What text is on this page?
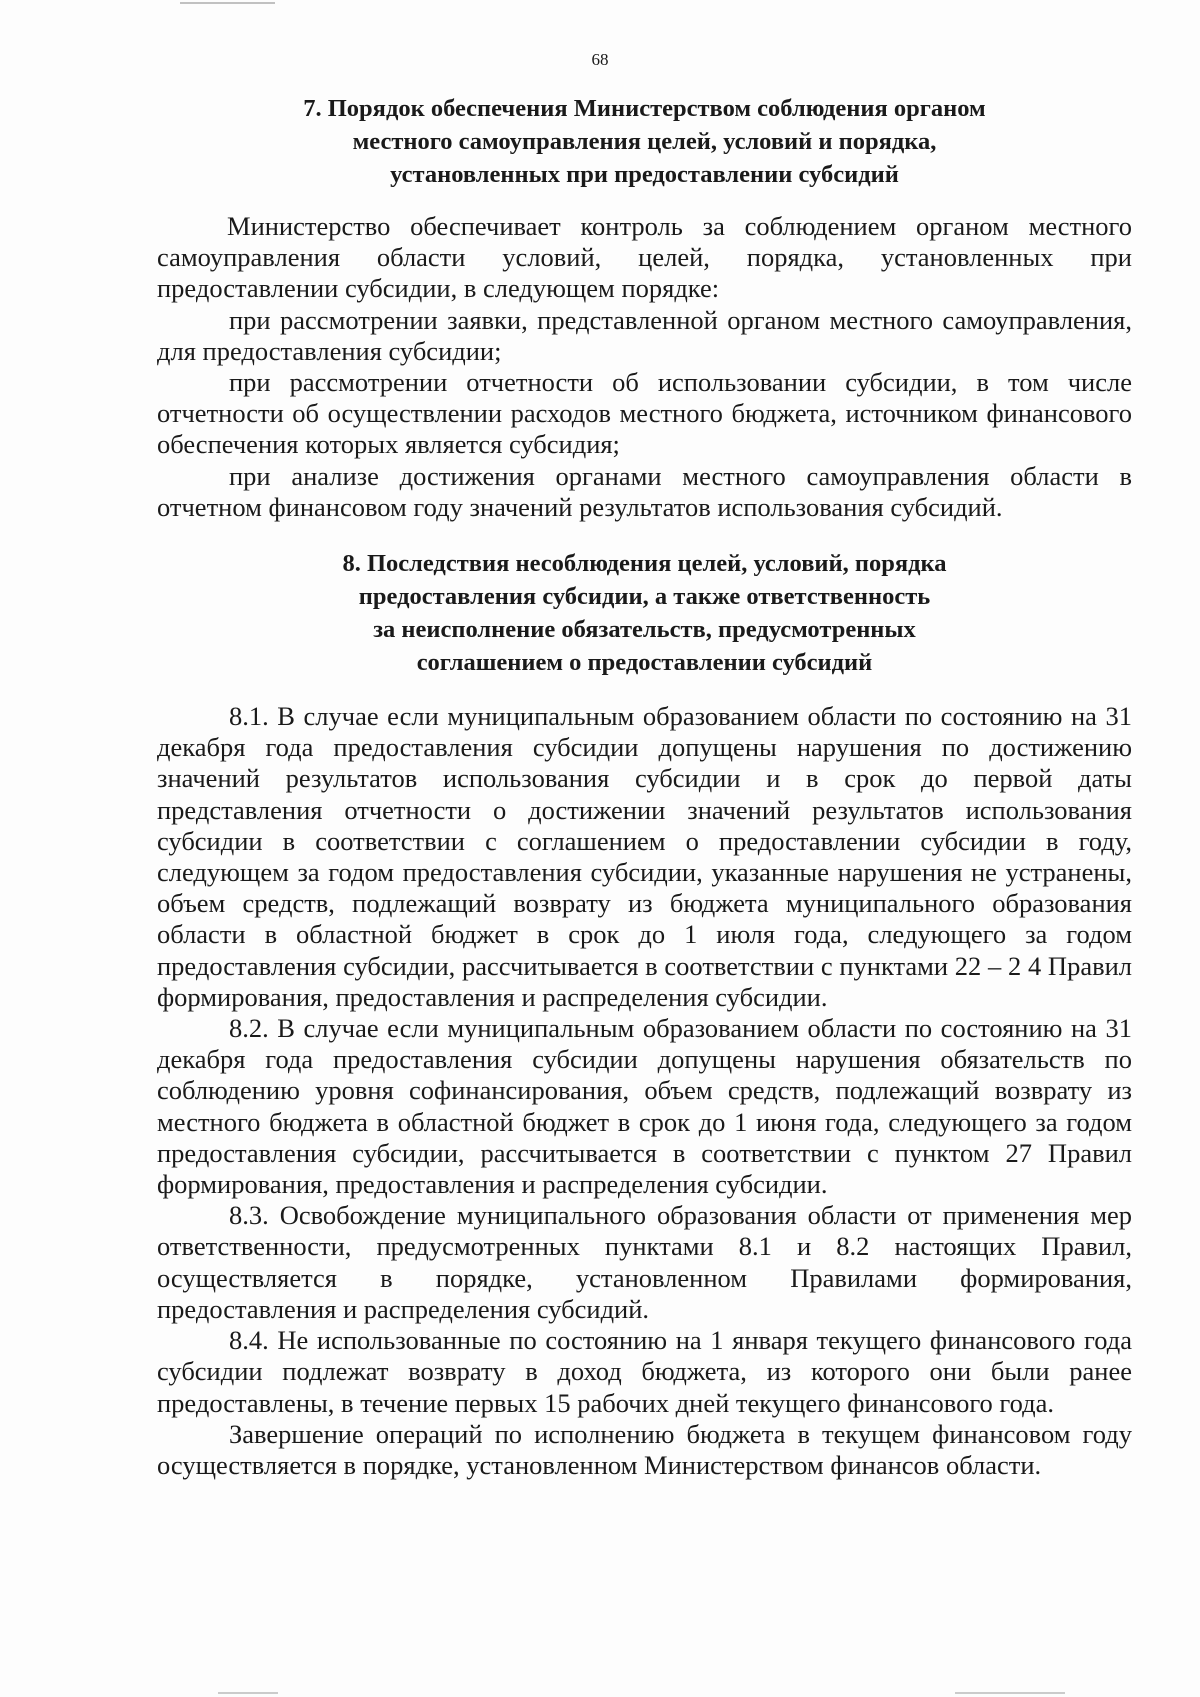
68
7. Порядок обеспечения Министерством соблюдения органом
местного самоуправления целей, условий и порядка,
установленных при предоставлении субсидий

Министерство обеспечивает контроль за соблюдением органом местного самоуправления области условий, целей, порядка, установленных при предоставлении субсидии, в следующем порядке:

при рассмотрении заявки, представленной органом местного самоуправления, для предоставления субсидии;

при рассмотрении отчетности об использовании субсидии, в том числе отчетности об осуществлении расходов местного бюджета, источником финансового обеспечения которых является субсидия;

при анализе достижения органами местного самоуправления области в отчетном финансовом году значений результатов использования субсидий.

8. Последствия несоблюдения целей, условий, порядка
предоставления субсидии, а также ответственность
за неисполнение обязательств, предусмотренных
соглашением о предоставлении субсидий

8.1. В случае если муниципальным образованием области по состоянию на 31 декабря года предоставления субсидии допущены нарушения по достижению значений результатов использования субсидии и в срок до первой даты представления отчетности о достижении значений результатов использования субсидии в соответствии с соглашением о предоставлении субсидии в году, следующем за годом предоставления субсидии, указанные нарушения не устранены, объем средств, подлежащий возврату из бюджета муниципального образования области в областной бюджет в срок до 1 июля года, следующего за годом предоставления субсидии, рассчитывается в соответствии с пунктами 22 – 2 4 Правил формирования, предоставления и распределения субсидии.

8.2. В случае если муниципальным образованием области по состоянию на 31 декабря года предоставления субсидии допущены нарушения обязательств по соблюдению уровня софинансирования, объем средств, подлежащий возврату из местного бюджета в областной бюджет в срок до 1 июня года, следующего за годом предоставления субсидии, рассчитывается в соответствии с пунктом 27 Правил формирования, предоставления и распределения субсидии.

8.3. Освобождение муниципального образования области от применения мер ответственности, предусмотренных пунктами 8.1 и 8.2 настоящих Правил, осуществляется в порядке, установленном Правилами формирования, предоставления и распределения субсидий.

8.4. Не использованные по состоянию на 1 января текущего финансового года субсидии подлежат возврату в доход бюджета, из которого они были ранее предоставлены, в течение первых 15 рабочих дней текущего финансового года.

Завершение операций по исполнению бюджета в текущем финансовом году осуществляется в порядке, установленном Министерством финансов области.
